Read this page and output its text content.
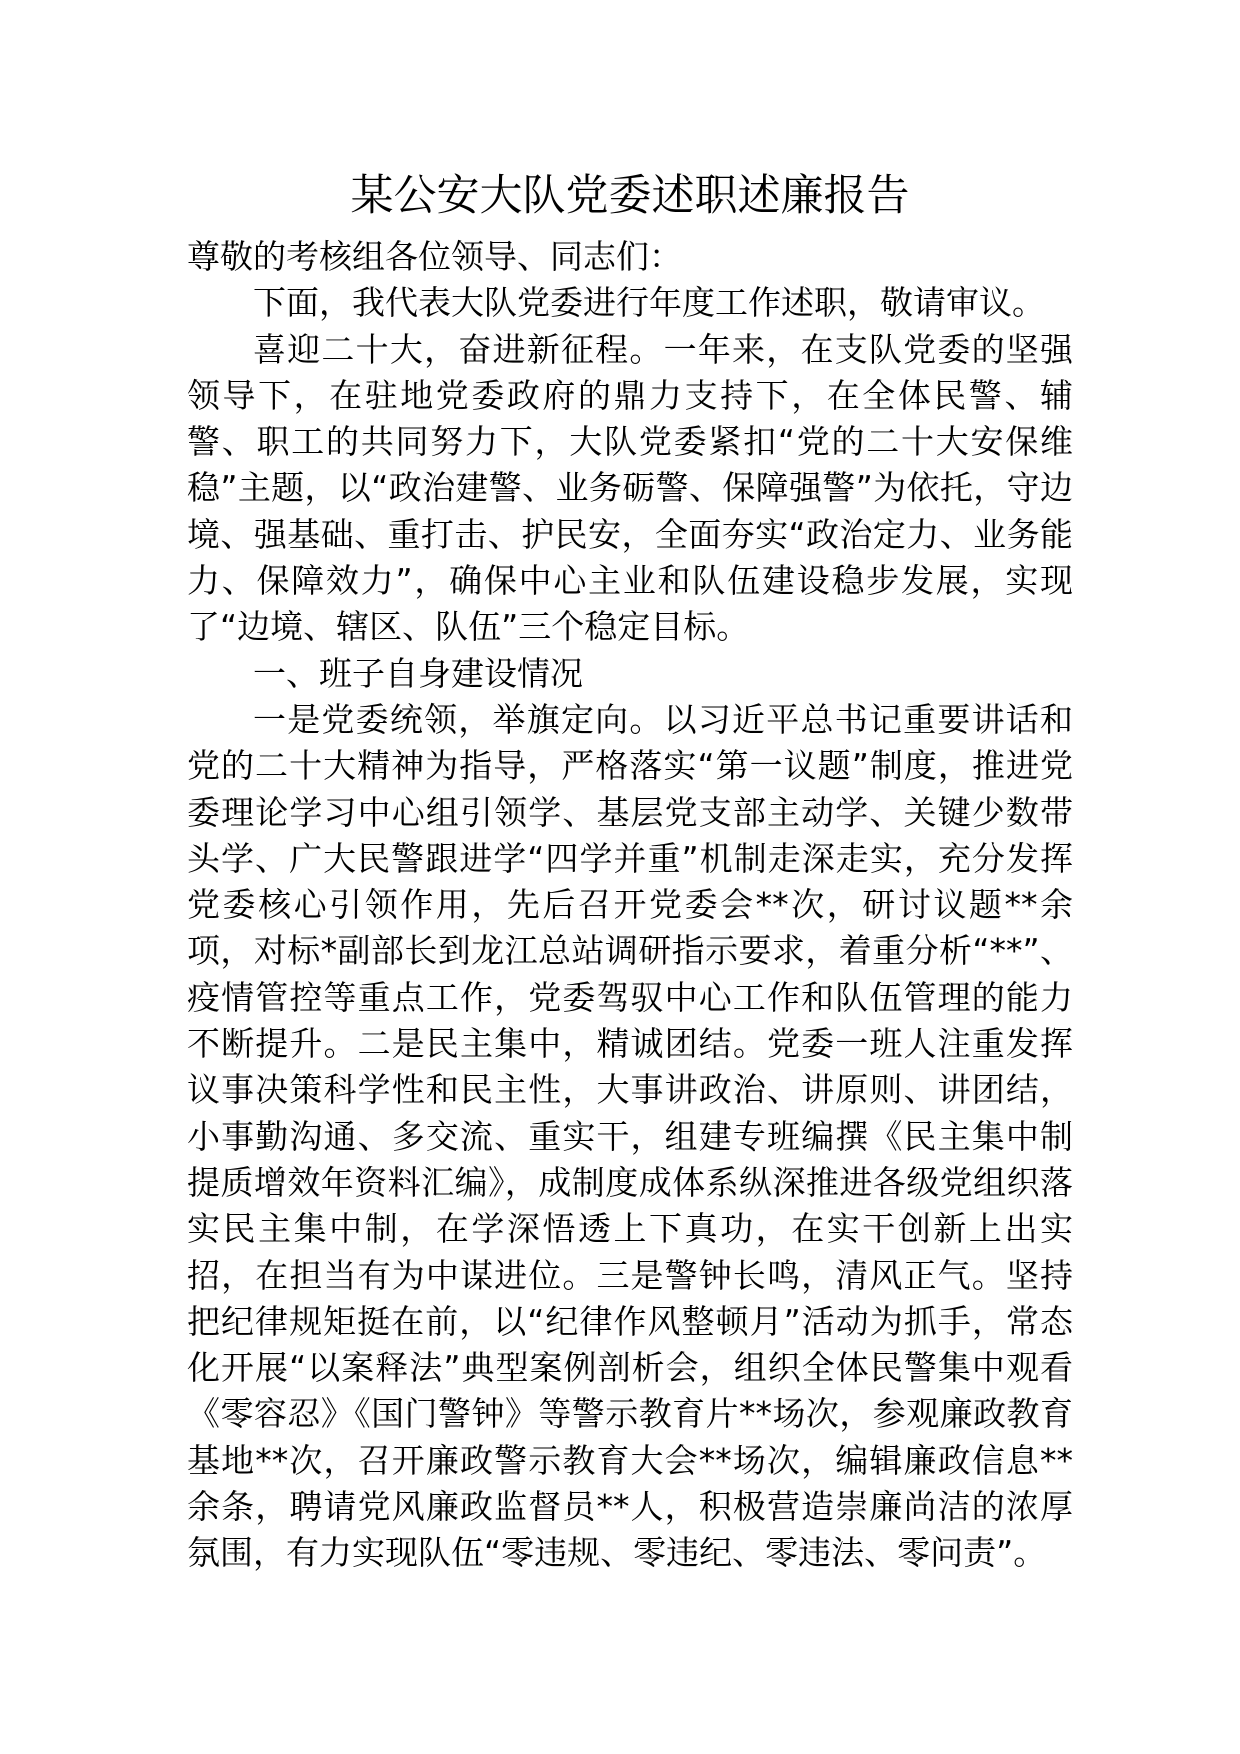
某公安大队党委述职述廉报告

尊敬的考核组各位领导、同志们：

下面，我代表大队党委进行年度工作述职，敬请审议。

喜迎二十大，奋进新征程。一年来，在支队党委的坚强领导下，在驻地党委政府的鼎力支持下，在全体民警、辅警、职工的共同努力下，大队党委紧扣“党的二十大安保维稳”主题，以“政治建警、业务砺警、保障强警”为依托，守边境、强基础、重打击、护民安，全面夯实“政治定力、业务能力、保障效力”，确保中心主业和队伍建设稳步发展，实现了“边境、辖区、队伍”三个稳定目标。

一、班子自身建设情况

一是党委统领，举旗定向。以习近平总书记重要讲话和党的二十大精神为指导，严格落实“第一议题”制度，推进党委理论学习中心组引领学、基层党支部主动学、关键少数带头学、广大民警跟进学“四学并重”机制走深走实，充分发挥党委核心引领作用，先后召开党委会**次，研讨议题**余项，对标*副部长到龙江总站调研指示要求，着重分析“**”、疫情管控等重点工作，党委驾驭中心工作和队伍管理的能力不断提升。二是民主集中，精诚团结。党委一班人注重发挥议事决策科学性和民主性，大事讲政治、讲原则、讲团结，小事勤沟通、多交流、重实干，组建专班编撰《民主集中制提质增效年资料汇编》，成制度成体系纵深推进各级党组织落实民主集中制，在学深悟透上下真功，在实干创新上出实招，在担当有为中谋进位。三是警钟长鸣，清风正气。坚持把纪律规矩挺在前，以“纪律作风整顿月”活动为抓手，常态化开展“以案释法”典型案例剖析会，组织全体民警集中观看《零容忍》《国门警钟》等警示教育片**场次，参观廉政教育基地**次，召开廉政警示教育大会**场次，编辑廉政信息**余条，聘请党风廉政监督员**人，积极营造崇廉尚洁的浓厚氛围，有力实现队伍“零违规、零违纪、零违法、零问责”。
